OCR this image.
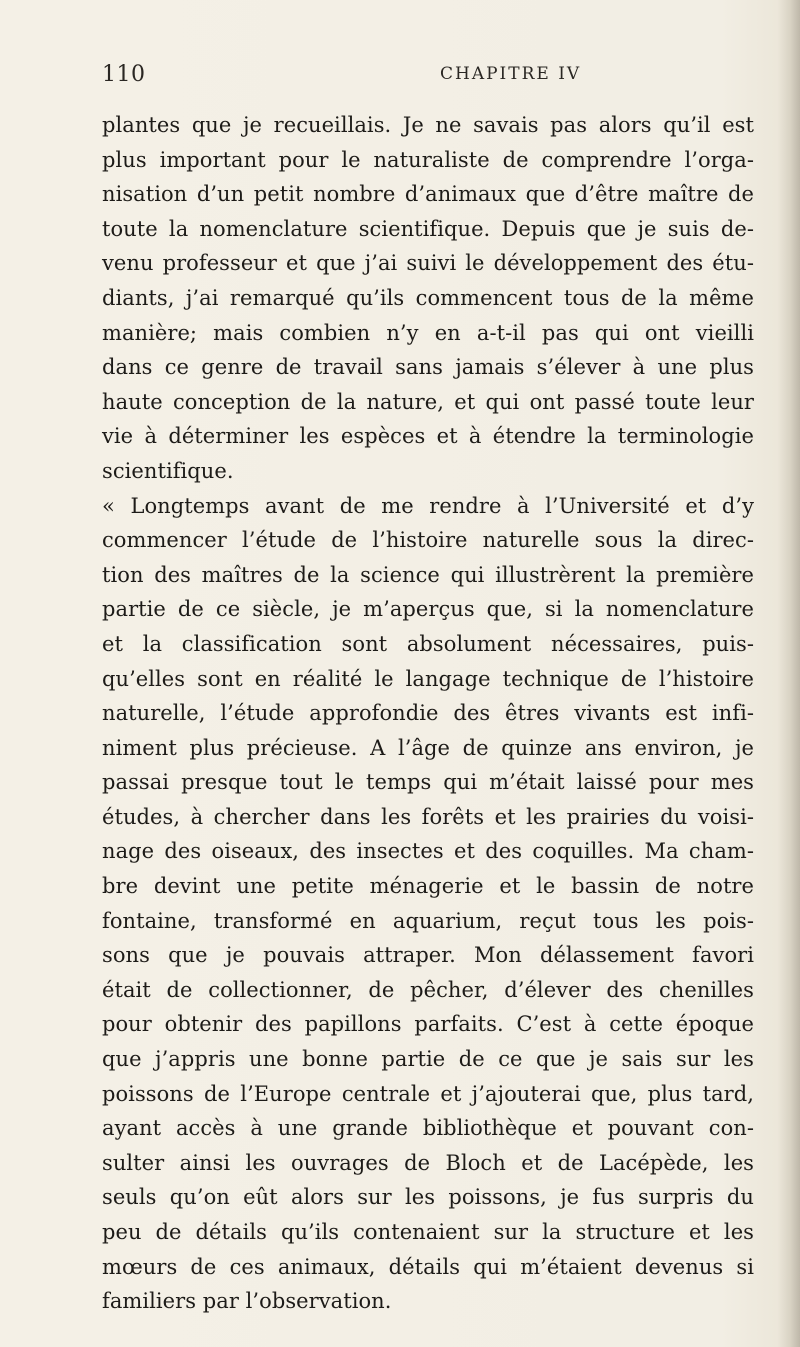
110	CHAPITRE IV
plantes que je recueillais. Je ne savais pas alors qu’il est
plus important pour le naturaliste de comprendre l’orga-
nisation d’un petit nombre d’animaux que d’être maître de
toute la nomenclature scientifique. Depuis que je suis de-
venu professeur et que j’ai suivi le développement des étu-
diants, j’ai remarqué qu’ils commencent tous de la même
manière; mais combien n’y en a-t-il pas qui ont vieilli
dans ce genre de travail sans jamais s’élever à une plus
haute conception de la nature, et qui ont passé toute leur
vie à déterminer les espèces et à étendre la terminologie
scientifique.
« Longtemps avant de me rendre à l’Université et d’y
commencer l’étude de l’histoire naturelle sous la direc-
tion des maîtres de la science qui illustrèrent la première
partie de ce siècle, je m’aperçus que, si la nomenclature
et la classification sont absolument nécessaires, puis-
qu’elles sont en réalité le langage technique de l’histoire
naturelle, l’étude approfondie des êtres vivants est infi-
niment plus précieuse. A l’âge de quinze ans environ, je
passai presque tout le temps qui m’était laissé pour mes
études, à chercher dans les forêts et les prairies du voisi-
nage des oiseaux, des insectes et des coquilles. Ma cham-
bre devint une petite ménagerie et le bassin de notre
fontaine, transformé en aquarium, reçut tous les pois-
sons que je pouvais attraper. Mon délassement favori
était de collectionner, de pêcher, d’élever des chenilles
pour obtenir des papillons parfaits. C’est à cette époque
que j’appris une bonne partie de ce que je sais sur les
poissons de l’Europe centrale et j’ajouterai que, plus tard,
ayant accès à une grande bibliothèque et pouvant con-
sulter ainsi les ouvrages de Bloch et de Lacépède, les
seuls qu’on eût alors sur les poissons, je fus surpris du
peu de détails qu’ils contenaient sur la structure et les
mœurs de ces animaux, détails qui m’étaient devenus si
familiers par l’observation.
